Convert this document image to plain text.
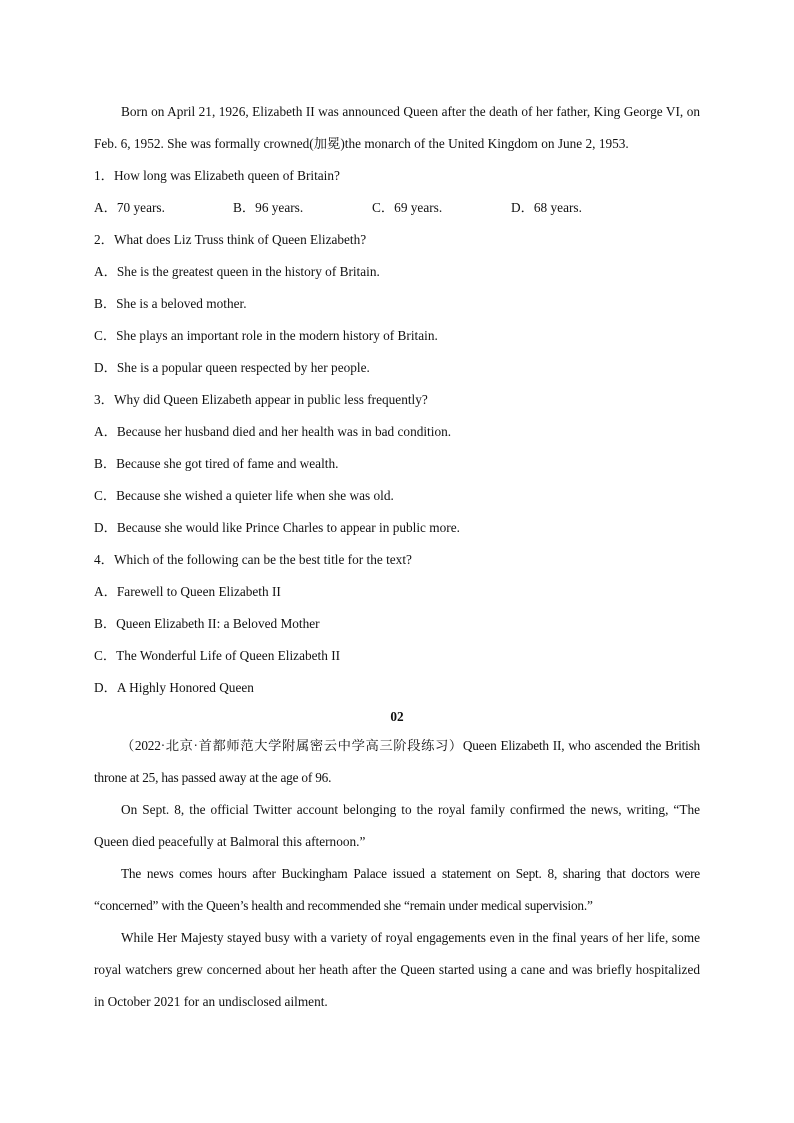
Born on April 21, 1926, Elizabeth II was announced Queen after the death of her father, King George VI, on Feb. 6, 1952. She was formally crowned(加冕)the monarch of the United Kingdom on June 2, 1953.

1．How long was Elizabeth queen of Britain?

A．70 years.	B．96 years.	C．69 years.	D．68 years.

2．What does Liz Truss think of Queen Elizabeth?

A．She is the greatest queen in the history of Britain.

B．She is a beloved mother.

C．She plays an important role in the modern history of Britain.

D．She is a popular queen respected by her people.

3．Why did Queen Elizabeth appear in public less frequently?

A．Because her husband died and her health was in bad condition.

B．Because she got tired of fame and wealth.

C．Because she wished a quieter life when she was old.

D．Because she would like Prince Charles to appear in public more.

4．Which of the following can be the best title for the text?

A．Farewell to Queen Elizabeth II

B．Queen Elizabeth II: a Beloved Mother

C．The Wonderful Life of Queen Elizabeth II

D．A Highly Honored Queen

02

（2022·北京·首都师范大学附属密云中学高三阶段练习）Queen Elizabeth II, who ascended the British throne at 25, has passed away at the age of 96.

On Sept. 8, the official Twitter account belonging to the royal family confirmed the news, writing, “The Queen died peacefully at Balmoral this afternoon.”

The news comes hours after Buckingham Palace issued a statement on Sept. 8, sharing that doctors were “concerned” with the Queen’s health and recommended she “remain under medical supervision.”

While Her Majesty stayed busy with a variety of royal engagements even in the final years of her life, some royal watchers grew concerned about her heath after the Queen started using a cane and was briefly hospitalized in October 2021 for an undisclosed ailment.
